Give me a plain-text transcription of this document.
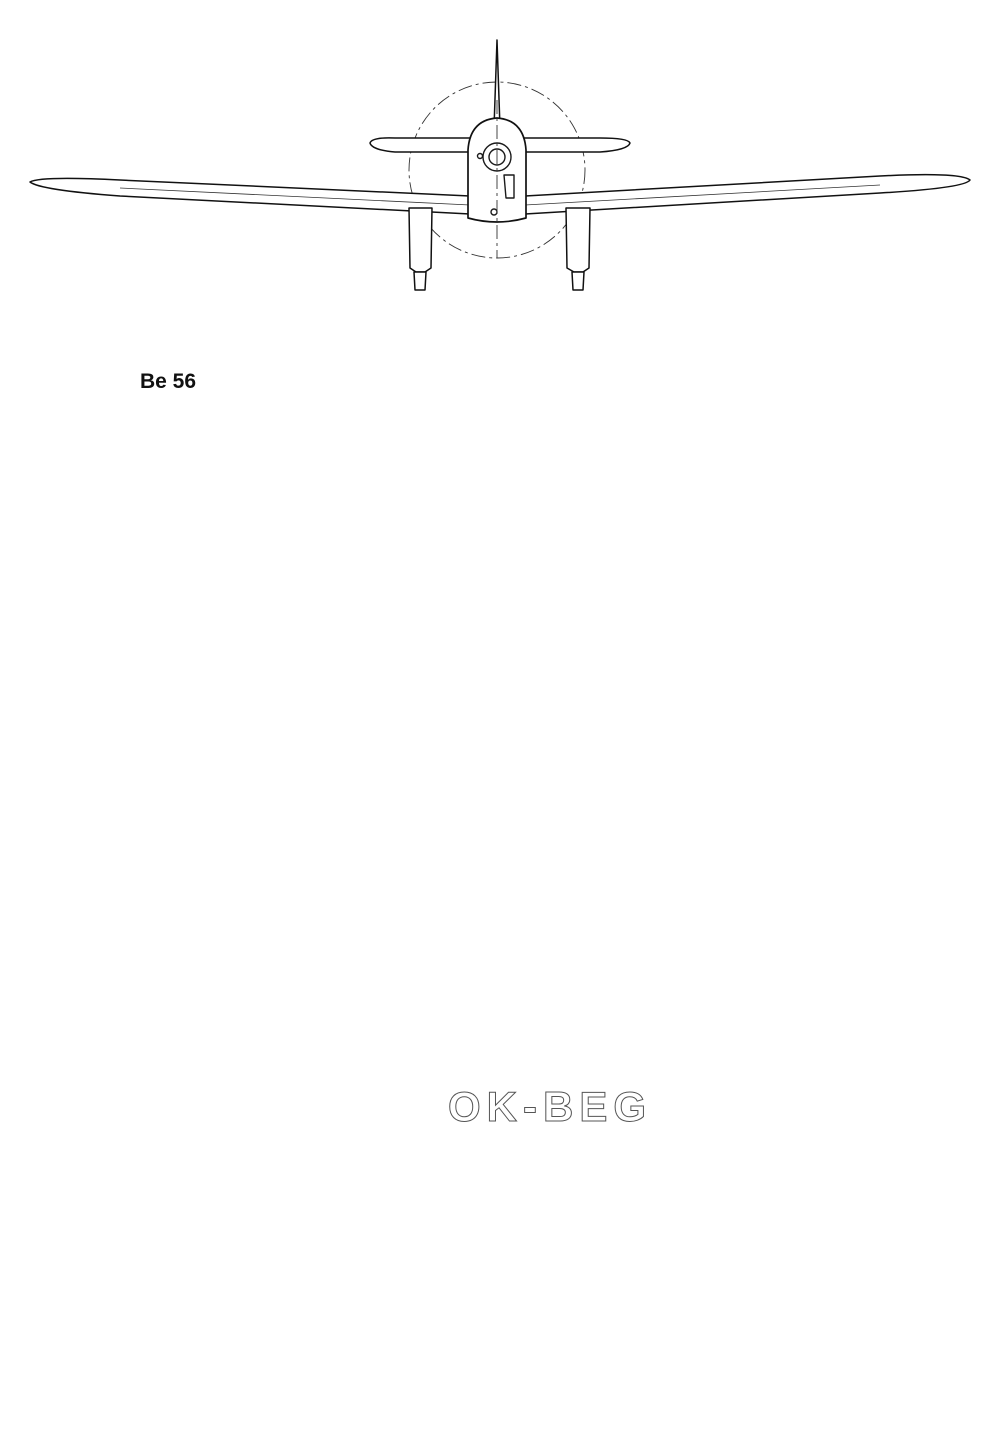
Be 56
OK-BEG
